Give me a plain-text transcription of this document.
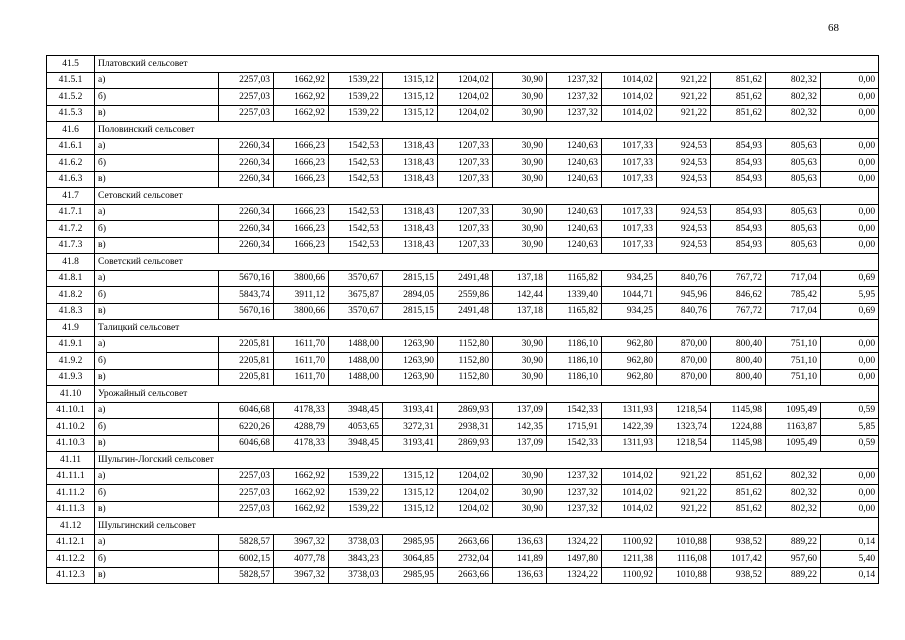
68
41.5	Платовский сельсовет												
41.5.1	а)	2257,03	1662,92	1539,22	1315,12	1204,02	30,90	1237,32	1014,02	921,22	851,62	802,32	0,00
41.5.2	б)	2257,03	1662,92	1539,22	1315,12	1204,02	30,90	1237,32	1014,02	921,22	851,62	802,32	0,00
41.5.3	в)	2257,03	1662,92	1539,22	1315,12	1204,02	30,90	1237,32	1014,02	921,22	851,62	802,32	0,00
41.6	Половинский сельсовет												
41.6.1	а)	2260,34	1666,23	1542,53	1318,43	1207,33	30,90	1240,63	1017,33	924,53	854,93	805,63	0,00
41.6.2	б)	2260,34	1666,23	1542,53	1318,43	1207,33	30,90	1240,63	1017,33	924,53	854,93	805,63	0,00
41.6.3	в)	2260,34	1666,23	1542,53	1318,43	1207,33	30,90	1240,63	1017,33	924,53	854,93	805,63	0,00
41.7	Сетовский сельсовет												
41.7.1	а)	2260,34	1666,23	1542,53	1318,43	1207,33	30,90	1240,63	1017,33	924,53	854,93	805,63	0,00
41.7.2	б)	2260,34	1666,23	1542,53	1318,43	1207,33	30,90	1240,63	1017,33	924,53	854,93	805,63	0,00
41.7.3	в)	2260,34	1666,23	1542,53	1318,43	1207,33	30,90	1240,63	1017,33	924,53	854,93	805,63	0,00
41.8	Советский сельсовет												
41.8.1	а)	5670,16	3800,66	3570,67	2815,15	2491,48	137,18	1165,82	934,25	840,76	767,72	717,04	0,69
41.8.2	б)	5843,74	3911,12	3675,87	2894,05	2559,86	142,44	1339,40	1044,71	945,96	846,62	785,42	5,95
41.8.3	в)	5670,16	3800,66	3570,67	2815,15	2491,48	137,18	1165,82	934,25	840,76	767,72	717,04	0,69
41.9	Талицкий сельсовет												
41.9.1	а)	2205,81	1611,70	1488,00	1263,90	1152,80	30,90	1186,10	962,80	870,00	800,40	751,10	0,00
41.9.2	б)	2205,81	1611,70	1488,00	1263,90	1152,80	30,90	1186,10	962,80	870,00	800,40	751,10	0,00
41.9.3	в)	2205,81	1611,70	1488,00	1263,90	1152,80	30,90	1186,10	962,80	870,00	800,40	751,10	0,00
41.10	Урожайный сельсовет												
41.10.1	а)	6046,68	4178,33	3948,45	3193,41	2869,93	137,09	1542,33	1311,93	1218,54	1145,98	1095,49	0,59
41.10.2	б)	6220,26	4288,79	4053,65	3272,31	2938,31	142,35	1715,91	1422,39	1323,74	1224,88	1163,87	5,85
41.10.3	в)	6046,68	4178,33	3948,45	3193,41	2869,93	137,09	1542,33	1311,93	1218,54	1145,98	1095,49	0,59
41.11	Шульгин-Логский сельсовет												
41.11.1	а)	2257,03	1662,92	1539,22	1315,12	1204,02	30,90	1237,32	1014,02	921,22	851,62	802,32	0,00
41.11.2	б)	2257,03	1662,92	1539,22	1315,12	1204,02	30,90	1237,32	1014,02	921,22	851,62	802,32	0,00
41.11.3	в)	2257,03	1662,92	1539,22	1315,12	1204,02	30,90	1237,32	1014,02	921,22	851,62	802,32	0,00
41.12	Шульгинский сельсовет												
41.12.1	а)	5828,57	3967,32	3738,03	2985,95	2663,66	136,63	1324,22	1100,92	1010,88	938,52	889,22	0,14
41.12.2	б)	6002,15	4077,78	3843,23	3064,85	2732,04	141,89	1497,80	1211,38	1116,08	1017,42	957,60	5,40
41.12.3	в)	5828,57	3967,32	3738,03	2985,95	2663,66	136,63	1324,22	1100,92	1010,88	938,52	889,22	0,14
